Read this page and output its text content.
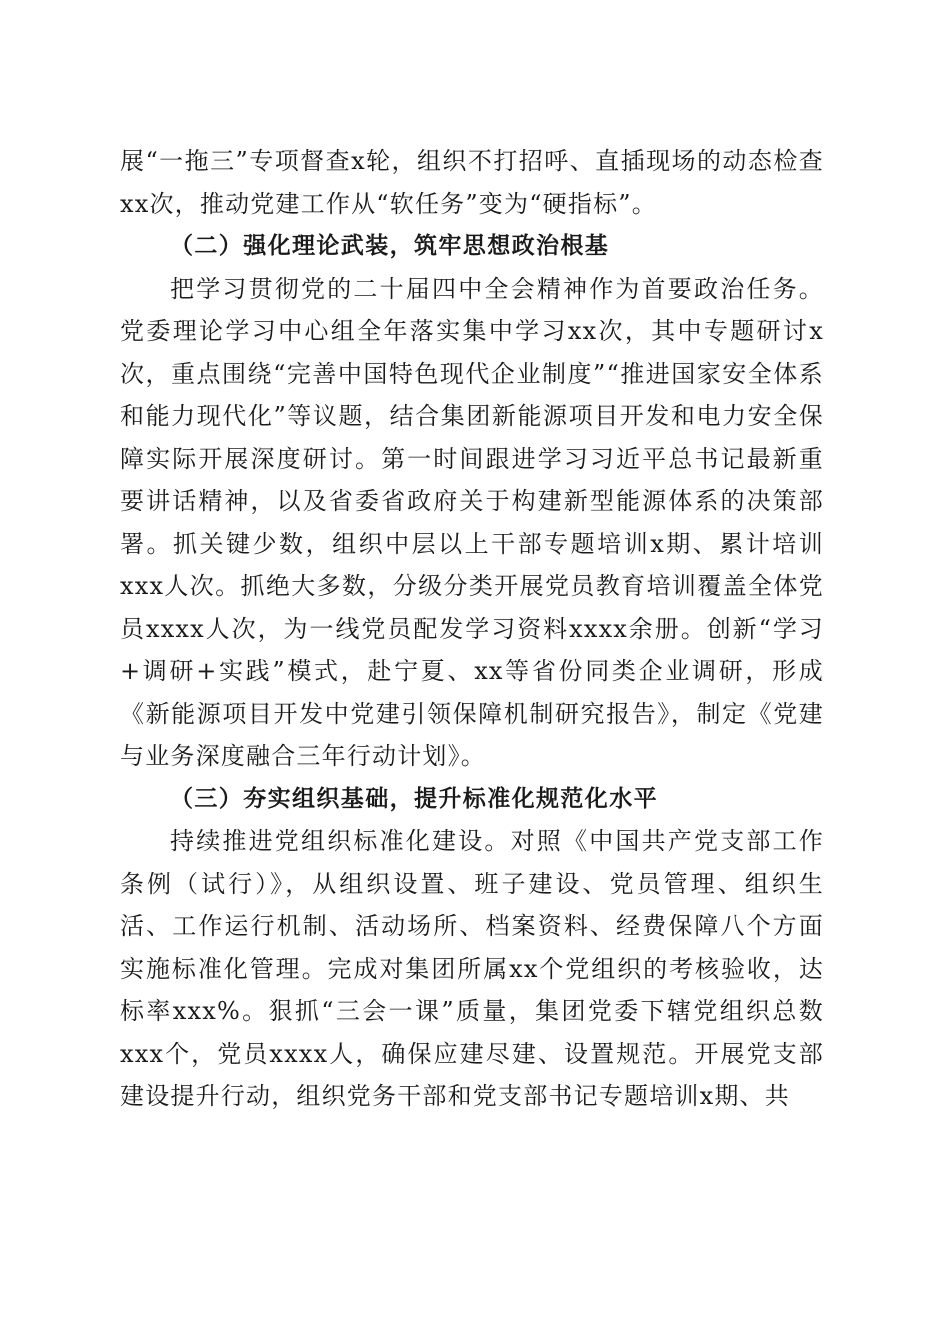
展“一拖三”专项督查x轮，组织不打招呼、直插现场的动态检查xx次，推动党建工作从“软任务”变为“硬指标”。

（二）强化理论武装，筑牢思想政治根基

把学习贯彻党的二十届四中全会精神作为首要政治任务。党委理论学习中心组全年落实集中学习xx次，其中专题研讨x次，重点围绕“完善中国特色现代企业制度”“推进国家安全体系和能力现代化”等议题，结合集团新能源项目开发和电力安全保障实际开展深度研讨。第一时间跟进学习习近平总书记最新重要讲话精神，以及省委省政府关于构建新型能源体系的决策部署。抓关键少数，组织中层以上干部专题培训x期、累计培训xxx人次。抓绝大多数，分级分类开展党员教育培训覆盖全体党员xxxx人次，为一线党员配发学习资料xxxx余册。创新“学习+调研+实践”模式，赴宁夏、xx等省份同类企业调研，形成《新能源项目开发中党建引领保障机制研究报告》，制定《党建与业务深度融合三年行动计划》。

（三）夯实组织基础，提升标准化规范化水平

持续推进党组织标准化建设。对照《中国共产党支部工作条例（试行）》，从组织设置、班子建设、党员管理、组织生活、工作运行机制、活动场所、档案资料、经费保障八个方面实施标准化管理。完成对集团所属xx个党组织的考核验收，达标率xxx%。狠抓“三会一课”质量，集团党委下辖党组织总数xxx个，党员xxxx人，确保应建尽建、设置规范。开展党支部建设提升行动，组织党务干部和党支部书记专题培训x期、共
